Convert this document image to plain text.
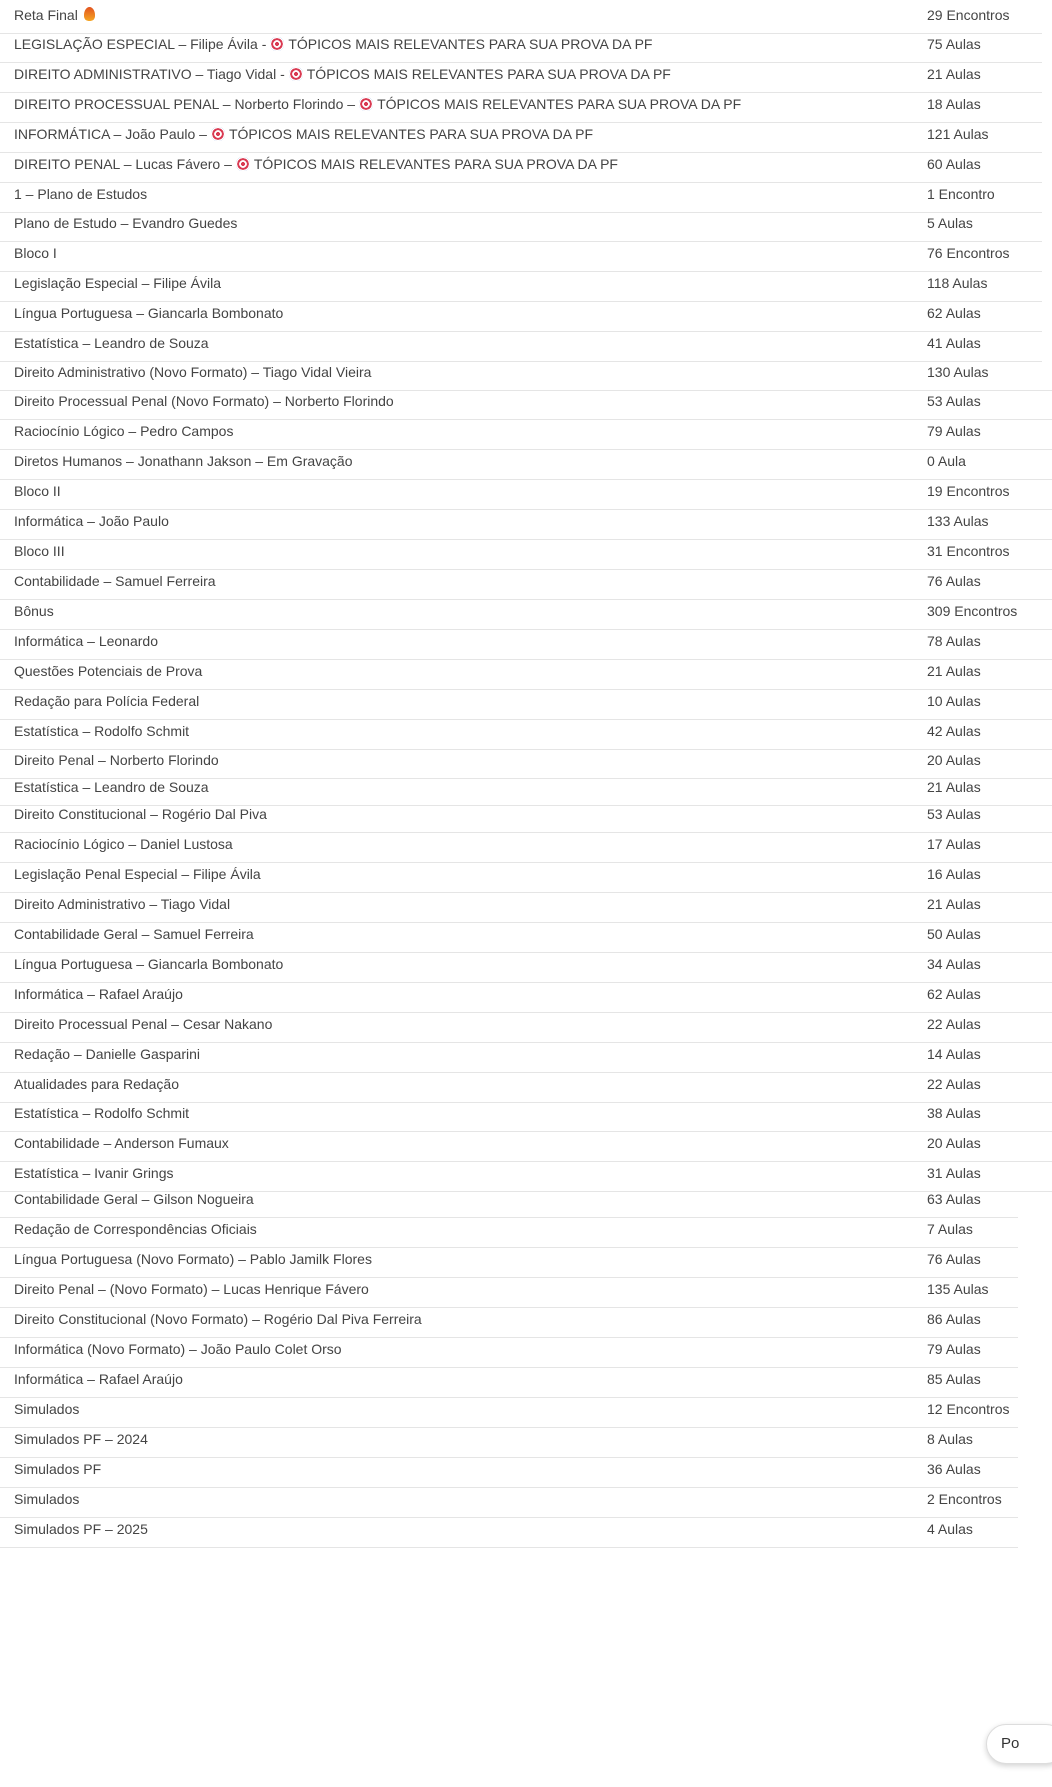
Reta Final	29 Encontros
LEGISLAÇÃO ESPECIAL – Filipe Ávila - TÓPICOS MAIS RELEVANTES PARA SUA PROVA DA PF	75 Aulas
DIREITO ADMINISTRATIVO – Tiago Vidal - TÓPICOS MAIS RELEVANTES PARA SUA PROVA DA PF	21 Aulas
DIREITO PROCESSUAL PENAL – Norberto Florindo – TÓPICOS MAIS RELEVANTES PARA SUA PROVA DA PF	18 Aulas
INFORMÁTICA – João Paulo – TÓPICOS MAIS RELEVANTES PARA SUA PROVA DA PF	121 Aulas
DIREITO PENAL – Lucas Fávero – TÓPICOS MAIS RELEVANTES PARA SUA PROVA DA PF	60 Aulas
1 – Plano de Estudos	1 Encontro
Plano de Estudo – Evandro Guedes	5 Aulas
Bloco I	76 Encontros
Legislação Especial – Filipe Ávila	118 Aulas
Língua Portuguesa – Giancarla Bombonato	62 Aulas
Estatística – Leandro de Souza	41 Aulas
Direito Administrativo (Novo Formato) – Tiago Vidal Vieira	130 Aulas
Direito Processual Penal (Novo Formato) – Norberto Florindo	53 Aulas
Raciocínio Lógico – Pedro Campos	79 Aulas
Diretos Humanos – Jonathann Jakson – Em Gravação	0 Aula
Bloco II	19 Encontros
Informática – João Paulo	133 Aulas
Bloco III	31 Encontros
Contabilidade – Samuel Ferreira	76 Aulas
Bônus	309 Encontros
Informática – Leonardo	78 Aulas
Questões Potenciais de Prova	21 Aulas
Redação para Polícia Federal	10 Aulas
Estatística – Rodolfo Schmit	42 Aulas
Direito Penal – Norberto Florindo	20 Aulas
Estatística – Leandro de Souza	21 Aulas
Direito Constitucional – Rogério Dal Piva	53 Aulas
Raciocínio Lógico – Daniel Lustosa	17 Aulas
Legislação Penal Especial – Filipe Ávila	16 Aulas
Direito Administrativo – Tiago Vidal	21 Aulas
Contabilidade Geral – Samuel Ferreira	50 Aulas
Língua Portuguesa – Giancarla Bombonato	34 Aulas
Informática – Rafael Araújo	62 Aulas
Direito Processual Penal – Cesar Nakano	22 Aulas
Redação – Danielle Gasparini	14 Aulas
Atualidades para Redação	22 Aulas
Estatística – Rodolfo Schmit	38 Aulas
Contabilidade – Anderson Fumaux	20 Aulas
Estatística – Ivanir Grings	31 Aulas
Contabilidade Geral – Gilson Nogueira	63 Aulas
Redação de Correspondências Oficiais	7 Aulas
Língua Portuguesa (Novo Formato) – Pablo Jamilk Flores	76 Aulas
Direito Penal – (Novo Formato) – Lucas Henrique Fávero	135 Aulas
Direito Constitucional (Novo Formato) – Rogério Dal Piva Ferreira	86 Aulas
Informática (Novo Formato) – João Paulo Colet Orso	79 Aulas
Informática – Rafael Araújo	85 Aulas
Simulados	12 Encontros
Simulados PF – 2024	8 Aulas
Simulados PF	36 Aulas
Simulados	2 Encontros
Simulados PF – 2025	4 Aulas
Po
